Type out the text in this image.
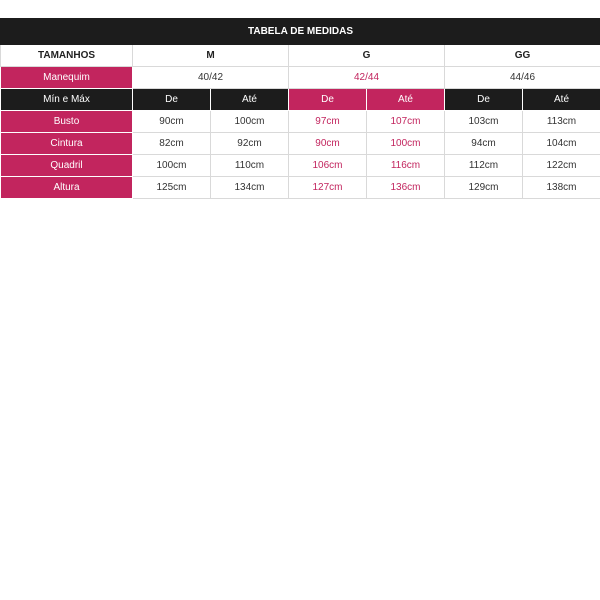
TABELA DE MEDIDAS						
TAMANHOS	M		G		GG	
Manequim	40/42		42/44		44/46	
Mín e Máx	De	Até	De	Até	De	Até
Busto	90cm	100cm	97cm	107cm	103cm	113cm
Cintura	82cm	92cm	90cm	100cm	94cm	104cm
Quadril	100cm	110cm	106cm	116cm	112cm	122cm
Altura	125cm	134cm	127cm	136cm	129cm	138cm
